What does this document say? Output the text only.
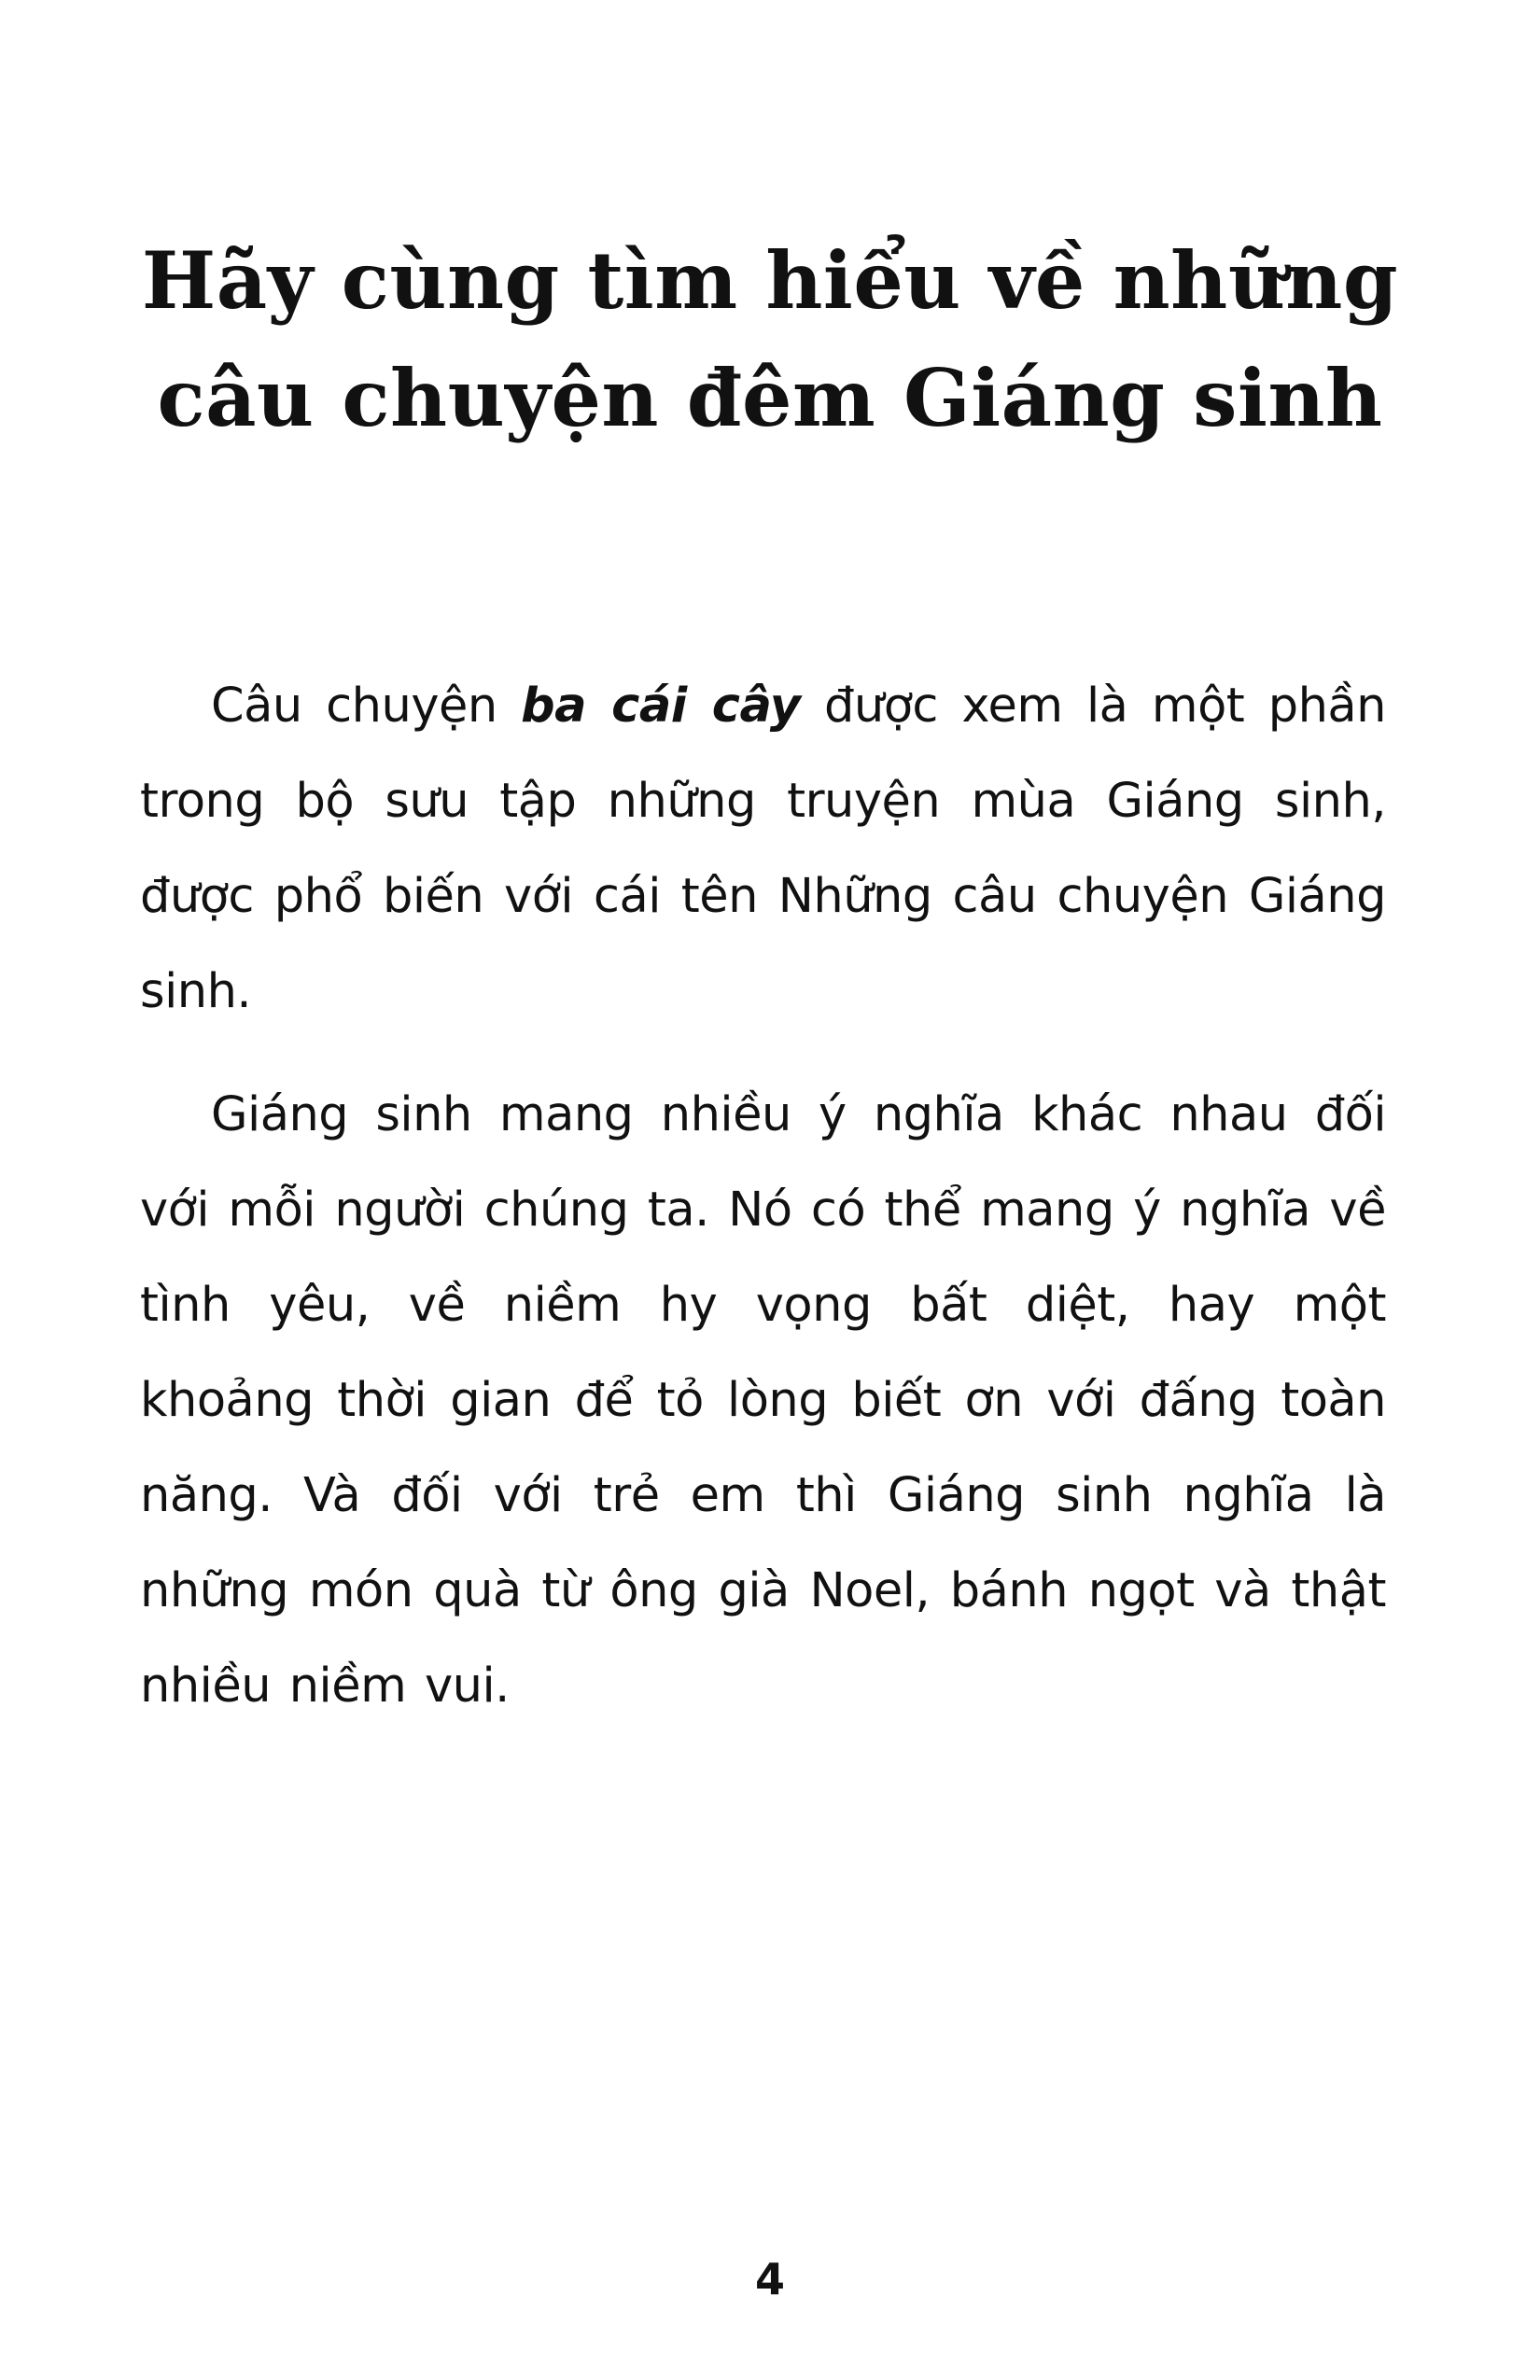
Hãy cùng tìm hiểu về những
câu chuyện đêm Giáng sinh

Câu chuyện ba cái cây được xem là một phần trong bộ sưu tập những truyện mùa Giáng sinh, được phổ biến với cái tên Những câu chuyện Giáng sinh.

Giáng sinh mang nhiều ý nghĩa khác nhau đối với mỗi người chúng ta. Nó có thể mang ý nghĩa về tình yêu, về niềm hy vọng bất diệt, hay một khoảng thời gian để tỏ lòng biết ơn với đấng toàn năng. Và đối với trẻ em thì Giáng sinh nghĩa là những món quà từ ông già Noel, bánh ngọt và thật nhiều niềm vui.

4
